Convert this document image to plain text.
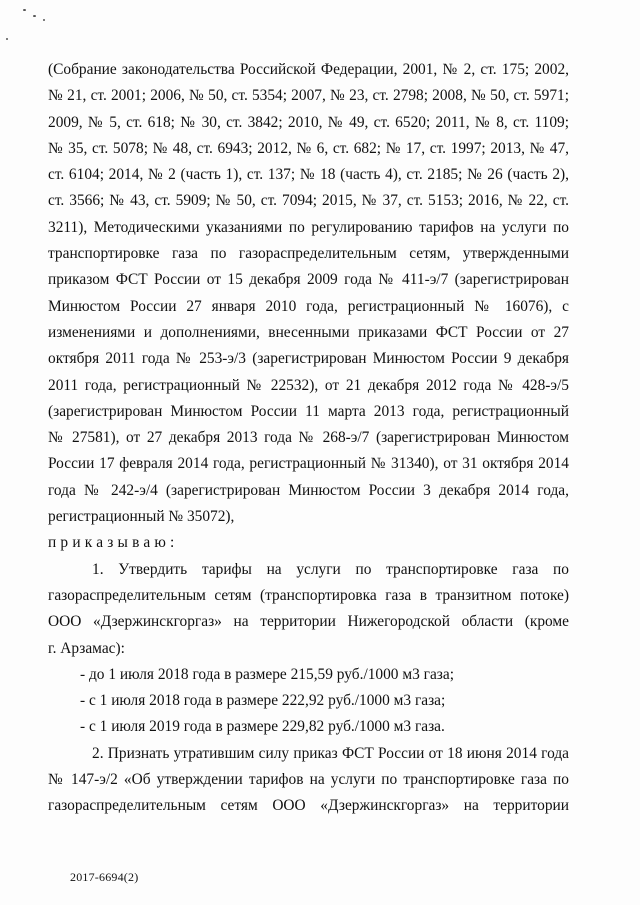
(Собрание законодательства Российской Федерации, 2001, № 2, ст. 175; 2002,
№ 21, ст. 2001; 2006, № 50, ст. 5354; 2007, № 23, ст. 2798; 2008, № 50, ст. 5971;
2009, № 5, ст. 618; № 30, ст. 3842; 2010, № 49, ст. 6520; 2011, № 8, ст. 1109;
№ 35, ст. 5078; № 48, ст. 6943; 2012, № 6, ст. 682; № 17, ст. 1997; 2013, № 47,
ст. 6104; 2014, № 2 (часть 1), ст. 137; № 18 (часть 4), ст. 2185; № 26 (часть 2),
ст. 3566; № 43, ст. 5909; № 50, ст. 7094; 2015, № 37, ст. 5153; 2016, № 22, ст.
3211), Методическими указаниями по регулированию тарифов на услуги по
транспортировке газа по газораспределительным сетям, утвержденными
приказом ФСТ России от 15 декабря 2009 года № 411-э/7 (зарегистрирован
Минюстом России 27 января 2010 года, регистрационный № 16076), с
изменениями и дополнениями, внесенными приказами ФСТ России от 27
октября 2011 года № 253-э/3 (зарегистрирован Минюстом России 9 декабря
2011 года, регистрационный № 22532), от 21 декабря 2012 года № 428-э/5
(зарегистрирован Минюстом России 11 марта 2013 года, регистрационный
№ 27581), от 27 декабря 2013 года № 268-э/7 (зарегистрирован Минюстом
России 17 февраля 2014 года, регистрационный № 31340), от 31 октября 2014
года № 242-э/4 (зарегистрирован Минюстом России 3 декабря 2014 года,
регистрационный № 35072),
приказываю:
1. Утвердить тарифы на услуги по транспортировке газа по
газораспределительным сетям (транспортировка газа в транзитном потоке)
ООО «Дзержинскгоргаз» на территории Нижегородской области (кроме
г. Арзамас):
- до 1 июля 2018 года в размере 215,59 руб./1000 м3 газа;
- с 1 июля 2018 года в размере 222,92 руб./1000 м3 газа;
- с 1 июля 2019 года в размере 229,82 руб./1000 м3 газа.
2. Признать утратившим силу приказ ФСТ России от 18 июня 2014 года
№ 147-э/2 «Об утверждении тарифов на услуги по транспортировке газа по
газораспределительным сетям ООО «Дзержинскгоргаз» на территории
2017-6694(2)
